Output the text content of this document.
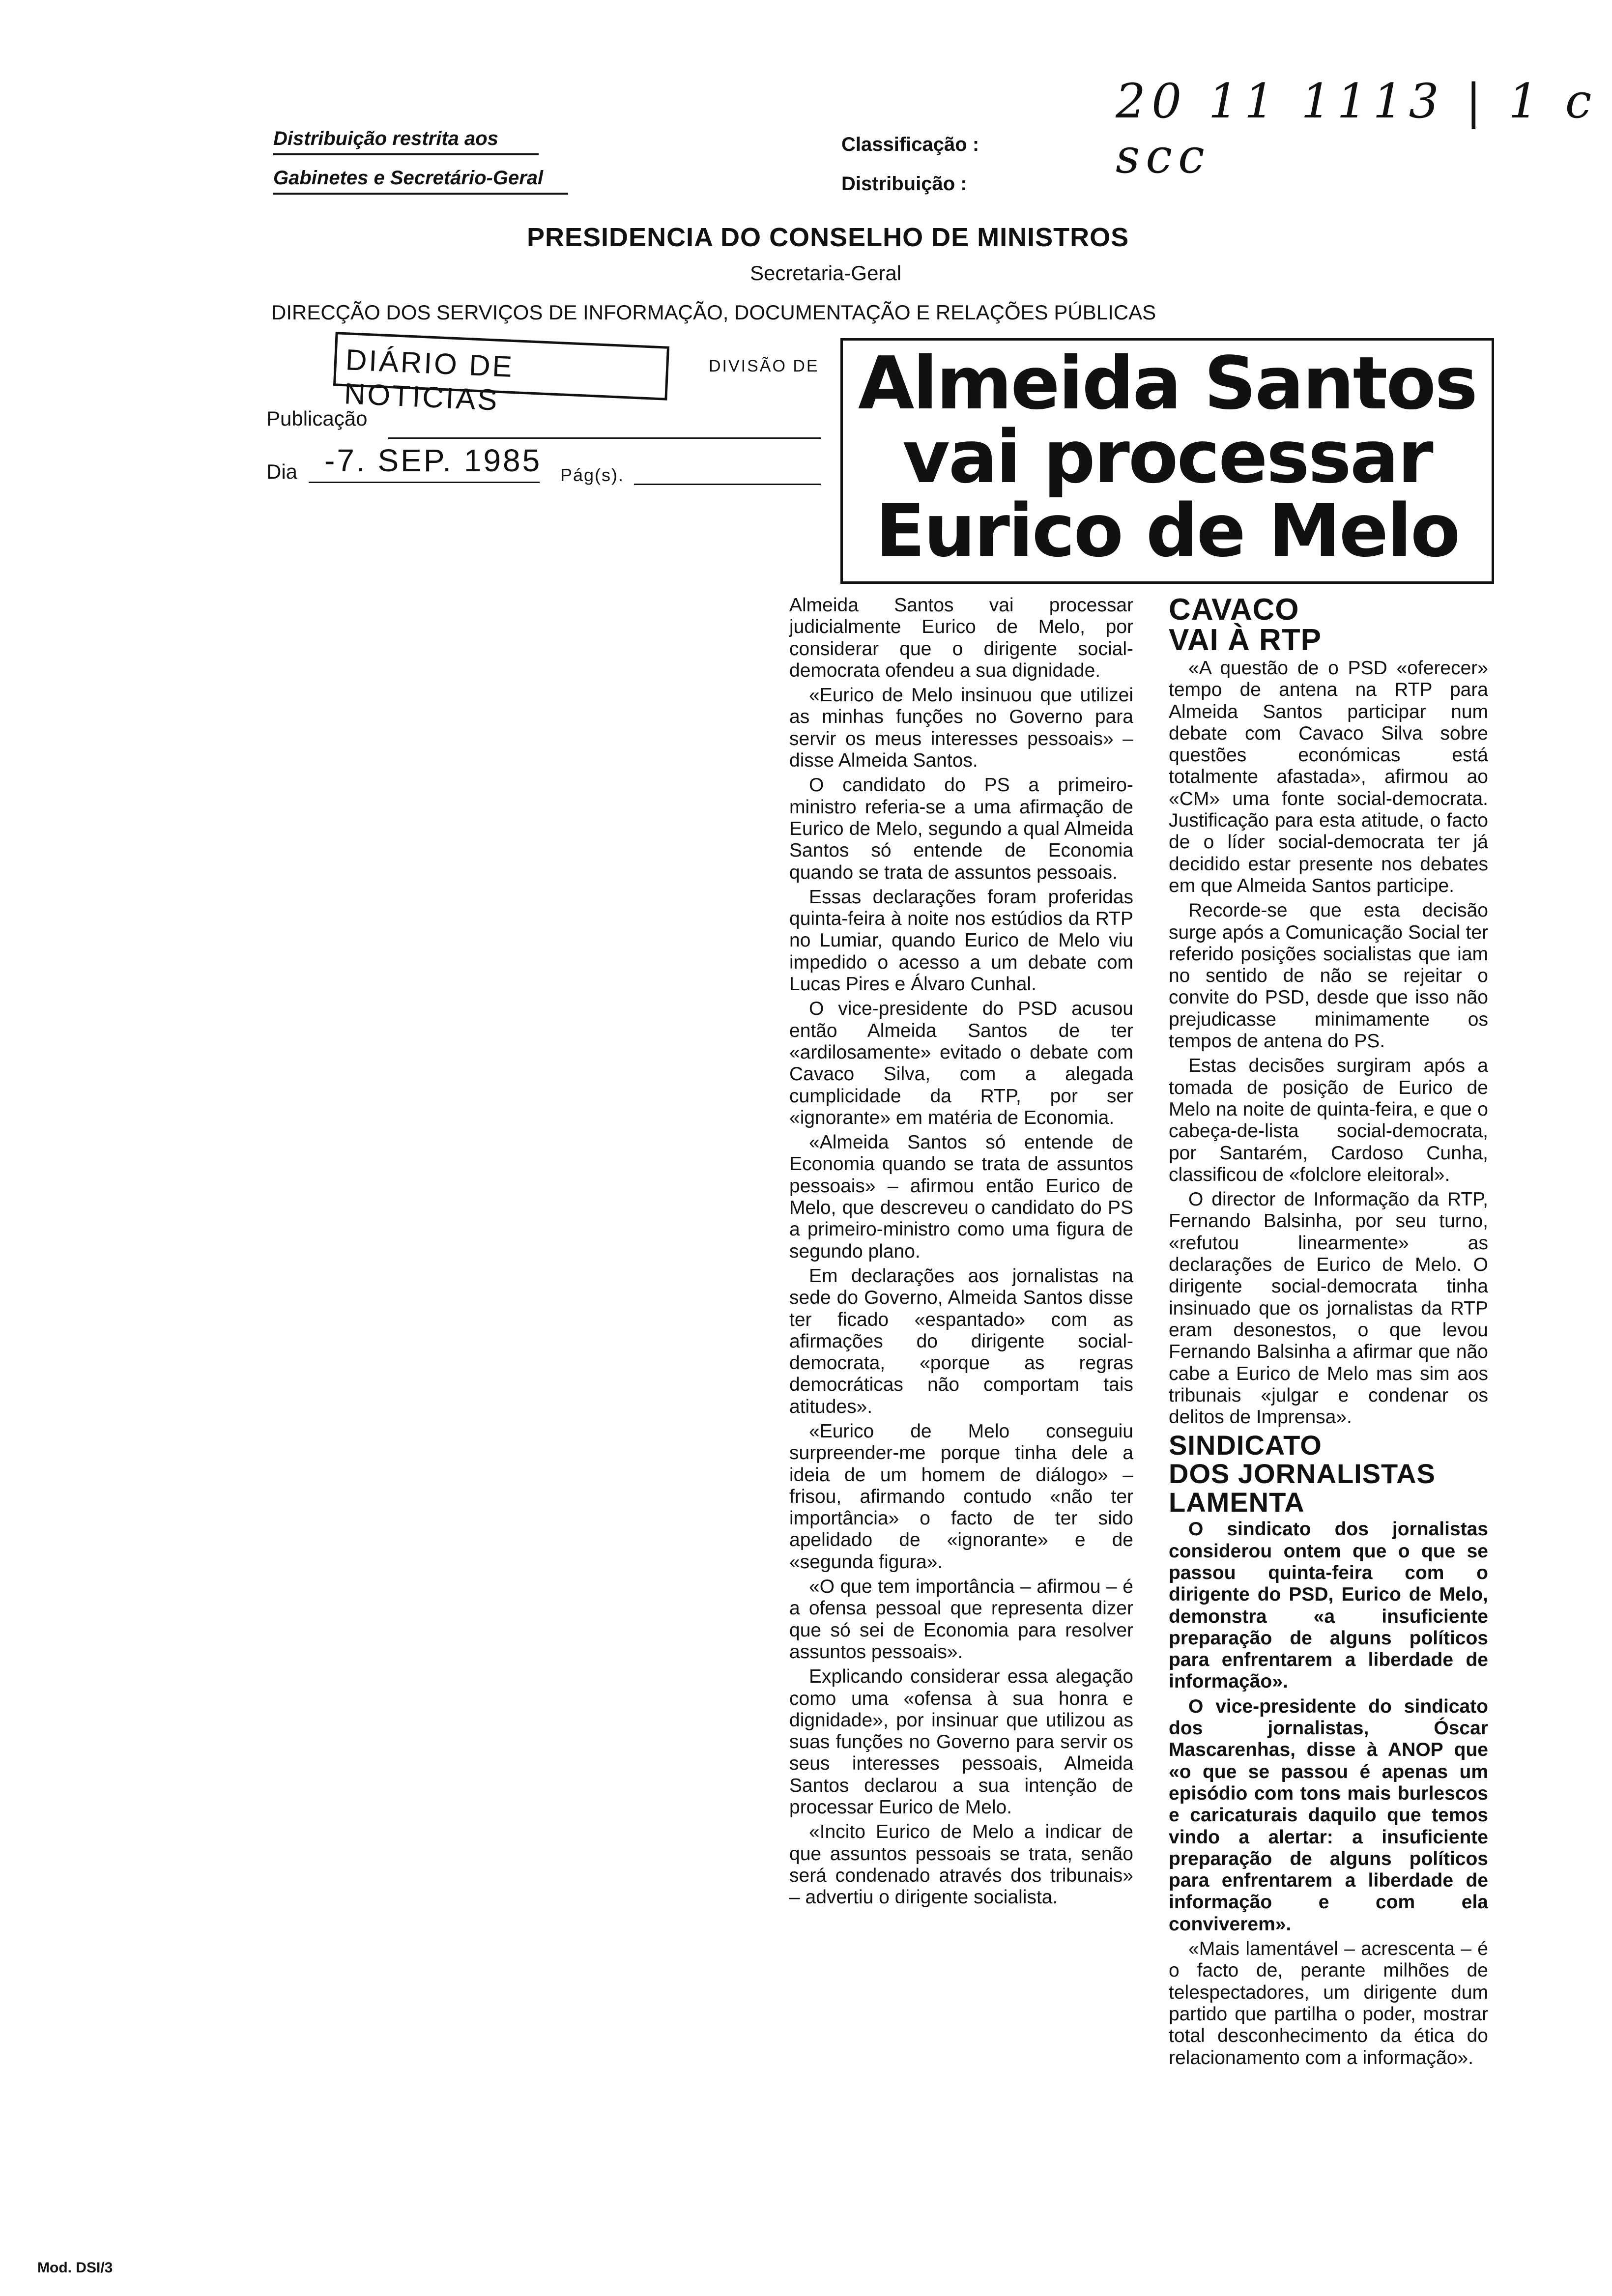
Distribuição restrita aos
Gabinetes e Secretário-Geral
Classificação :
Distribuição :
20 11 1113 | 1 c scc
PRESIDENCIA DO CONSELHO DE MINISTROS
Secretaria-Geral
DIRECÇÃO DOS SERVIÇOS DE INFORMAÇÃO, DOCUMENTAÇÃO E RELAÇÕES PÚBLICAS
DIÁRIO DE NOTICIAS
DIVISÃO DE
Publicação
Dia -7. SEP. 1985 Pág(s).
Almeida Santos
vai processar
Eurico de Melo

Almeida Santos vai processar judicialmente Eurico de Melo, por considerar que o dirigente social-democrata ofendeu a sua dignidade.

«Eurico de Melo insinuou que utilizei as minhas funções no Governo para servir os meus interesses pessoais» – disse Almeida Santos.

O candidato do PS a primeiro-ministro referia-se a uma afirmação de Eurico de Melo, segundo a qual Almeida Santos só entende de Economia quando se trata de assuntos pessoais.

Essas declarações foram proferidas quinta-feira à noite nos estúdios da RTP no Lumiar, quando Eurico de Melo viu impedido o acesso a um debate com Lucas Pires e Álvaro Cunhal.

O vice-presidente do PSD acusou então Almeida Santos de ter «ardilosamente» evitado o debate com Cavaco Silva, com a alegada cumplicidade da RTP, por ser «ignorante» em matéria de Economia.

«Almeida Santos só entende de Economia quando se trata de assuntos pessoais» – afirmou então Eurico de Melo, que descreveu o candidato do PS a primeiro-ministro como uma figura de segundo plano.

Em declarações aos jornalistas na sede do Governo, Almeida Santos disse ter ficado «espantado» com as afirmações do dirigente social-democrata, «porque as regras democráticas não comportam tais atitudes».

«Eurico de Melo conseguiu surpreender-me porque tinha dele a ideia de um homem de diálogo» – frisou, afirmando contudo «não ter importância» o facto de ter sido apelidado de «ignorante» e de «segunda figura».

«O que tem importância – afirmou – é a ofensa pessoal que representa dizer que só sei de Economia para resolver assuntos pessoais».

Explicando considerar essa alegação como uma «ofensa à sua honra e dignidade», por insinuar que utilizou as suas funções no Governo para servir os seus interesses pessoais, Almeida Santos declarou a sua intenção de processar Eurico de Melo.

«Incito Eurico de Melo a indicar de que assuntos pessoais se trata, senão será condenado através dos tribunais» – advertiu o dirigente socialista.

CAVACO VAI À RTP

«A questão de o PSD «oferecer» tempo de antena na RTP para Almeida Santos participar num debate com Cavaco Silva sobre questões económicas está totalmente afastada», afirmou ao «CM» uma fonte social-democrata. Justificação para esta atitude, o facto de o líder social-democrata ter já decidido estar presente nos debates em que Almeida Santos participe.

Recorde-se que esta decisão surge após a Comunicação Social ter referido posições socialistas que iam no sentido de não se rejeitar o convite do PSD, desde que isso não prejudicasse minimamente os tempos de antena do PS.

Estas decisões surgiram após a tomada de posição de Eurico de Melo na noite de quinta-feira, e que o cabeça-de-lista social-democrata, por Santarém, Cardoso Cunha, classificou de «folclore eleitoral».

O director de Informação da RTP, Fernando Balsinha, por seu turno, «refutou linearmente» as declarações de Eurico de Melo. O dirigente social-democrata tinha insinuado que os jornalistas da RTP eram desonestos, o que levou Fernando Balsinha a afirmar que não cabe a Eurico de Melo mas sim aos tribunais «julgar e condenar os delitos de Imprensa».

SINDICATO
DOS JORNALISTAS
LAMENTA

O sindicato dos jornalistas considerou ontem que o que se passou quinta-feira com o dirigente do PSD, Eurico de Melo, demonstra «a insuficiente preparação de alguns políticos para enfrentarem a liberdade de informação».

O vice-presidente do sindicato dos jornalistas, Óscar Mascarenhas, disse à ANOP que «o que se passou é apenas um episódio com tons mais burlescos e caricaturais daquilo que temos vindo a alertar: a insuficiente preparação de alguns políticos para enfrentarem a liberdade de informação e com ela conviverem».

«Mais lamentável – acrescenta – é o facto de, perante milhões de telespectadores, um dirigente dum partido que partilha o poder, mostrar total desconhecimento da ética do relacionamento com a informação».

Mod. DSI/3
